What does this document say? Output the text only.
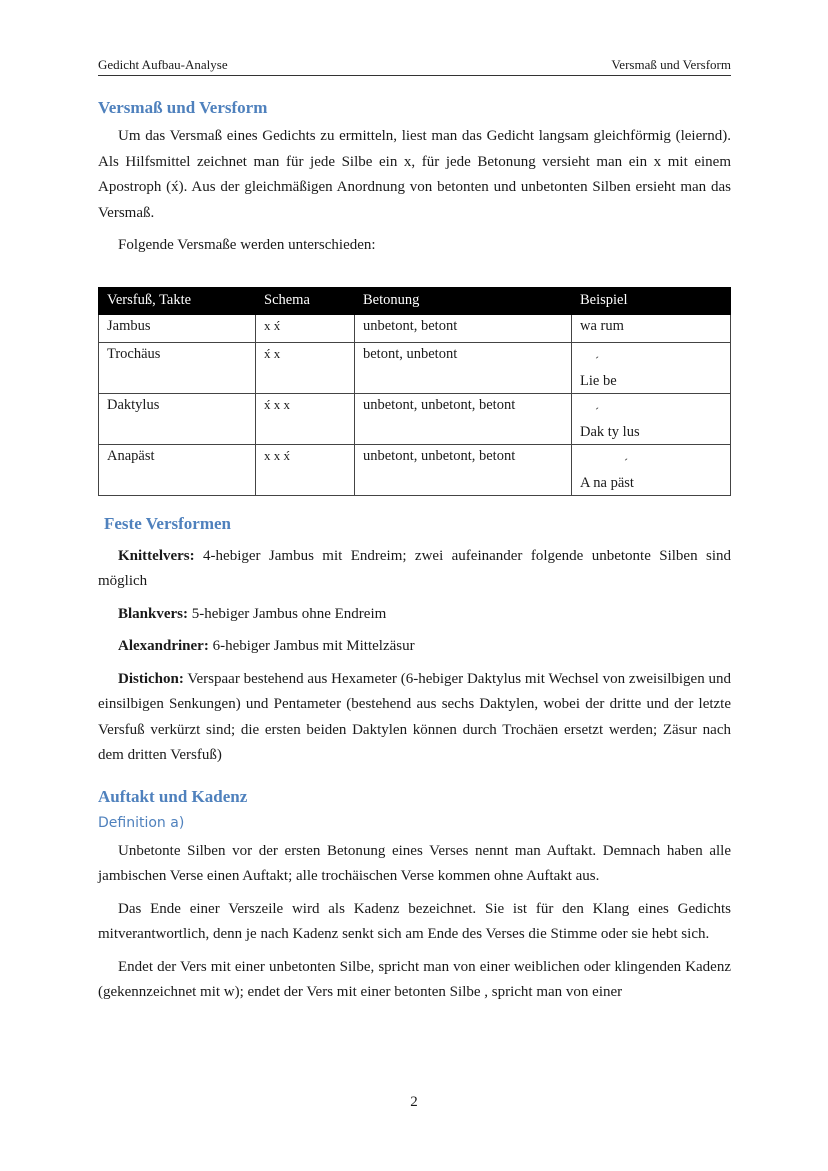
Gedicht Aufbau-Analyse	Versmaß und Versform
Versmaß und Versform

Um das Versmaß eines Gedichts zu ermitteln, liest man das Gedicht langsam gleichförmig (leiernd). Als Hilfsmittel zeichnet man für jede Silbe ein x, für jede Betonung versieht man ein x mit einem Apostroph (x́). Aus der gleichmäßigen Anordnung von betonten und unbetonten Silben ersieht man das Versmaß.

Folgende Versmaße werden unterschieden:

Versfuß, Takte	Schema	Betonung	Beispiel
Jambus	x x́	unbetont, betont	wa rum
Trochäus	x́ x	betont, unbetont	´
Lie be

Daktylus	x́ x x	unbetont, unbetont, betont	´
Dak ty lus

Anapäst	x x x́	unbetont, unbetont, betont	´
A na päst
Feste Versformen

Knittelvers: 4-hebiger Jambus mit Endreim; zwei aufeinander folgende unbetonte Silben sind möglich

Blankvers: 5-hebiger Jambus ohne Endreim

Alexandriner: 6-hebiger Jambus mit Mittelzäsur

Distichon: Verspaar bestehend aus Hexameter (6-hebiger Daktylus mit Wechsel von zweisilbigen und einsilbigen Senkungen) und Pentameter (bestehend aus sechs Daktylen, wobei der dritte und der letzte Versfuß verkürzt sind; die ersten beiden Daktylen können durch Trochäen ersetzt werden; Zäsur nach dem dritten Versfuß)

Auftakt und Kadenz
Definition a)

Unbetonte Silben vor der ersten Betonung eines Verses nennt man Auftakt. Demnach haben alle jambischen Verse einen Auftakt; alle trochäischen Verse kommen ohne Auftakt aus.

Das Ende einer Verszeile wird als Kadenz bezeichnet. Sie ist für den Klang eines Gedichts mitverantwortlich, denn je nach Kadenz senkt sich am Ende des Verses die Stimme oder sie hebt sich.

Endet der Vers mit einer unbetonten Silbe, spricht man von einer weiblichen oder klingenden Kadenz (gekennzeichnet mit w); endet der Vers mit einer betonten Silbe , spricht man von einer

2
